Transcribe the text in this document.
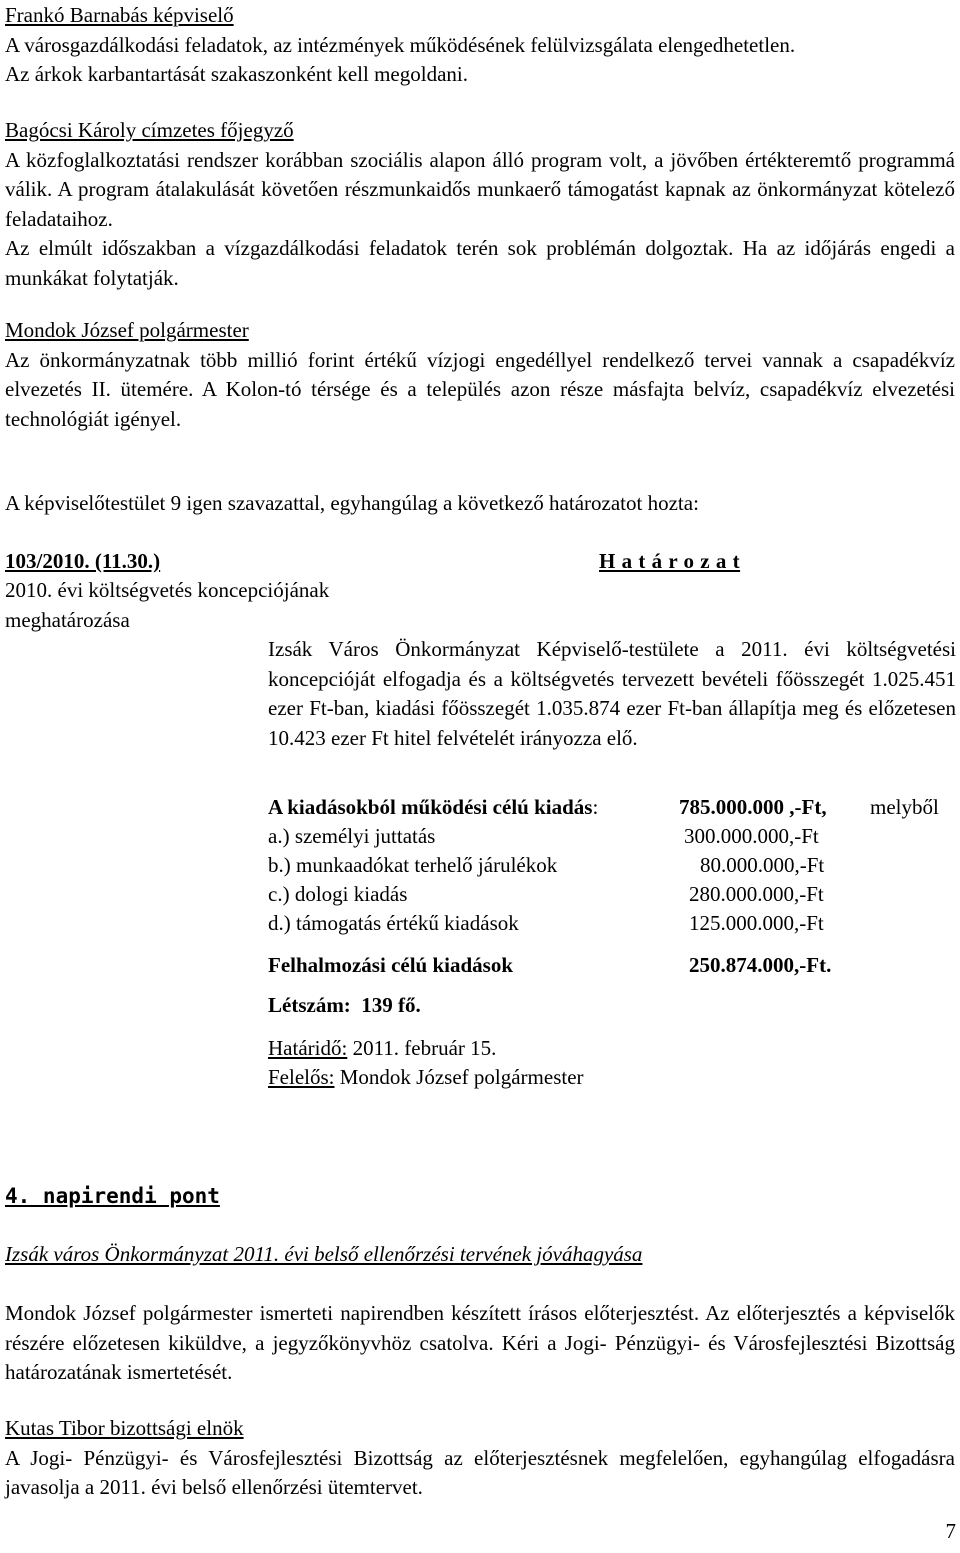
Frankó Barnabás képviselő

A városgazdálkodási feladatok, az intézmények működésének felülvizsgálata elengedhetetlen.

Az árkok karbantartását szakaszonként kell megoldani.

Bagócsi Károly címzetes főjegyző

A közfoglalkoztatási rendszer korábban szociális alapon álló program volt, a jövőben értékteremtő programmá válik. A program átalakulását követően részmunkaidős munkaerő támogatást kapnak az önkormányzat kötelező feladataihoz.

Az elmúlt időszakban a vízgazdálkodási feladatok terén sok problémán dolgoztak. Ha az időjárás engedi a munkákat folytatják.

Mondok József polgármester

Az önkormányzatnak több millió forint értékű vízjogi engedéllyel rendelkező tervei vannak a csapadékvíz elvezetés II. ütemére. A Kolon-tó térsége és a település azon része másfajta belvíz, csapadékvíz elvezetési technológiát igényel.

A képviselőtestület 9 igen szavazattal, egyhangúlag a következő határozatot hozta:

103/2010. (11.30.)	H a t á r o z a t

2010. évi költségvetés koncepciójának

meghatározása

Izsák Város Önkormányzat Képviselő-testülete a 2011. évi költségvetési koncepcióját elfogadja és a költségvetés tervezett bevételi főösszegét 1.025.451 ezer Ft-ban, kiadási főösszegét 1.035.874 ezer Ft-ban állapítja meg és előzetesen 10.423 ezer Ft hitel felvételét irányozza elő.

A kiadásokból működési célú kiadás:	785.000.000 ,-Ft, melyből
a.) személyi juttatás	300.000.000,-Ft
b.) munkaadókat terhelő járulékok	80.000.000,-Ft
c.) dologi kiadás	280.000.000,-Ft
d.) támogatás értékű kiadások	125.000.000,-Ft
Felhalmozási célú kiadások	250.874.000,-Ft.
Létszám:  139 fő.
Határidő: 2011. február 15.
Felelős: Mondok József polgármester
4. napirendi pont

Izsák város Önkormányzat 2011. évi belső ellenőrzési tervének jóváhagyása

Mondok József polgármester ismerteti napirendben készített írásos előterjesztést. Az előterjesztés a képviselők részére előzetesen kiküldve, a jegyzőkönyvhöz csatolva. Kéri a Jogi- Pénzügyi- és Városfejlesztési Bizottság határozatának ismertetését.

Kutas Tibor bizottsági elnök

A Jogi- Pénzügyi- és Városfejlesztési Bizottság az előterjesztésnek megfelelően, egyhangúlag elfogadásra javasolja a 2011. évi belső ellenőrzési ütemtervet.

7
